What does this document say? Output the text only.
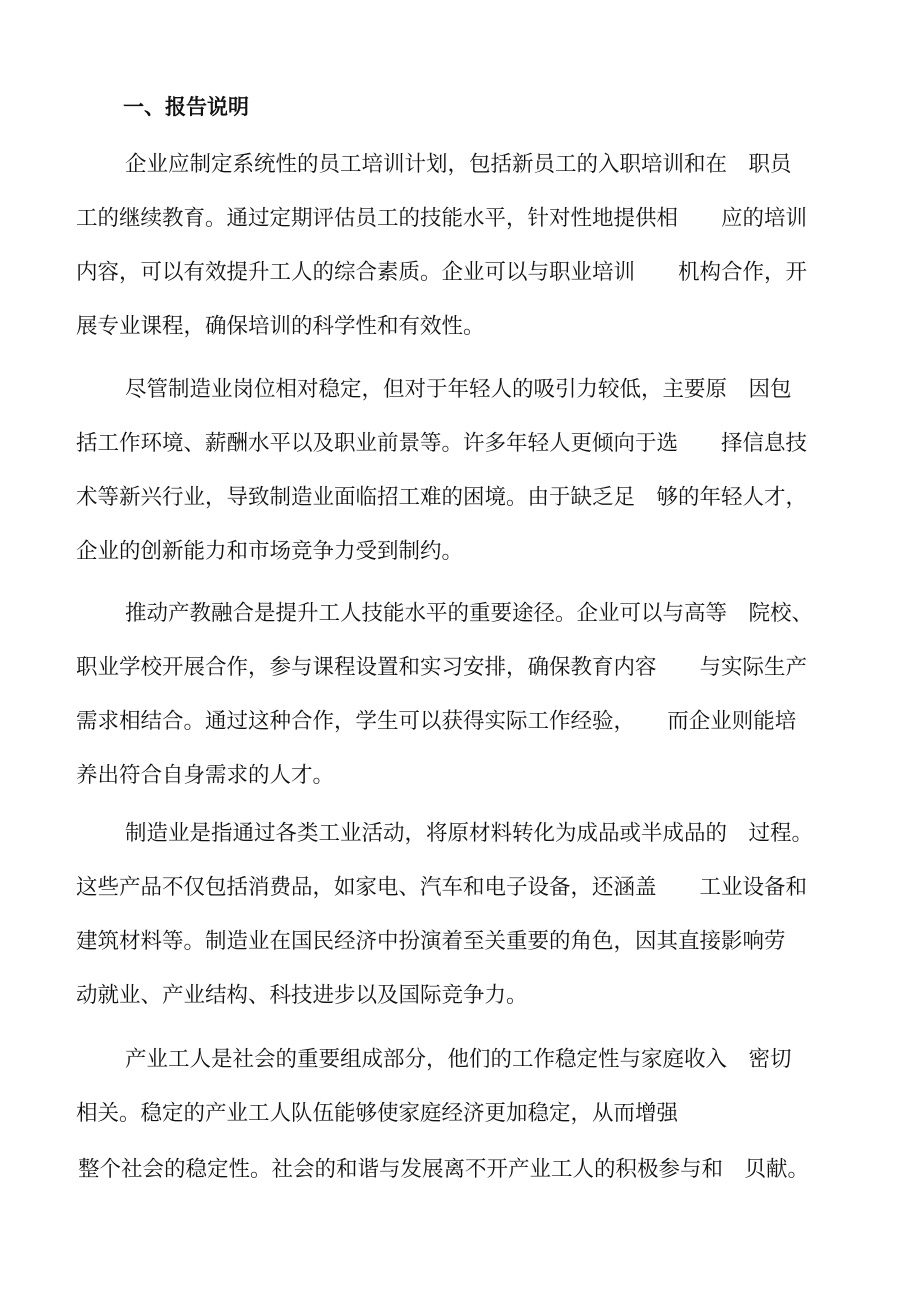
一、报告说明
企业应制定系统性的员工培训计划，包括新员工的入职培训和在　职员
工的继续教育。通过定期评估员工的技能水平，针对性地提供相　　应的培训
内容，可以有效提升工人的综合素质。企业可以与职业培训　　机构合作，开
展专业课程，确保培训的科学性和有效性。
尽管制造业岗位相对稳定，但对于年轻人的吸引力较低，主要原　因包
括工作环境、薪酬水平以及职业前景等。许多年轻人更倾向于选　　择信息技
术等新兴行业，导致制造业面临招工难的困境。由于缺乏足　够的年轻人才，
企业的创新能力和市场竞争力受到制约。
推动产教融合是提升工人技能水平的重要途径。企业可以与高等　院校、
职业学校开展合作，参与课程设置和实习安排，确保教育内容　　与实际生产
需求相结合。通过这种合作，学生可以获得实际工作经验，　　而企业则能培
养出符合自身需求的人才。
制造业是指通过各类工业活动，将原材料转化为成品或半成品的　过程。
这些产品不仅包括消费品，如家电、汽车和电子设备，还涵盖　　工业设备和
建筑材料等。制造业在国民经济中扮演着至关重要的角色，因其直接影响劳
动就业、产业结构、科技进步以及国际竞争力。
产业工人是社会的重要组成部分，他们的工作稳定性与家庭收入　密切
相关。稳定的产业工人队伍能够使家庭经济更加稳定，从而增强
整个社会的稳定性。社会的和谐与发展离不开产业工人的积极参与和　贝献。
